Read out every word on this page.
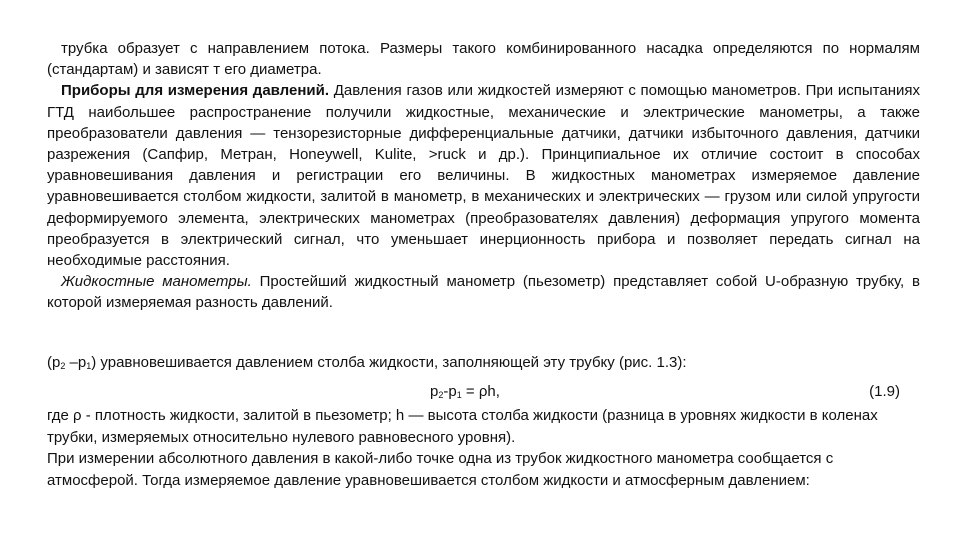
трубка образует с направлением потока. Размеры такого комбинированного насадка определяются по нормалям (стандартам) и зависят т его диаметра.

Приборы для измерения давлений. Давления газов или жидкостей измеряют с помощью манометров. При испытаниях ГТД наибольшее распространение получили жидкостные, механические и электрические манометры, а также преобразователи давления — тензорезисторные дифференциальные датчики, датчики избыточного давления, датчики разрежения (Сапфир, Метран, Honeywell, Kulite, >ruck и др.). Принципиальное их отличие состоит в способах уравновешивания давления и регистрации его величины. В жидкостных манометрах измеряемое давление уравновешивается столбом жидкости, залитой в манометр, в механических и электрических — грузом или силой упругости деформируемого элемента, электрических манометрах (преобразователях давления) деформация упругого момента преобразуется в электрический сигнал, что уменьшает инерционность прибора и позволяет передать сигнал на необходимые расстояния.

Жидкостные манометры. Простейший жидкостный манометр (пьезометр) представляет собой U-образную трубку, в которой измеряемая разность давлений.

($p_2$ $-p_1$) уравновешивается давлением столба жидкости, заполняющей эту трубку (рис. 1.3):

$p_2-p_1 = \rho h$,	(1.9)

где ρ - плотность жидкости, залитой в пьезометр; h — высота столба жидкости (разница в уровнях жидкости в коленах трубки, измеряемых относительно нулевого равновесного уровня).

При измерении абсолютного давления в какой-либо точке одна из трубок жидкостного манометра сообщается с атмосферой. Тогда измеряемое давление уравновешивается столбом жидкости и атмосферным давлением:
